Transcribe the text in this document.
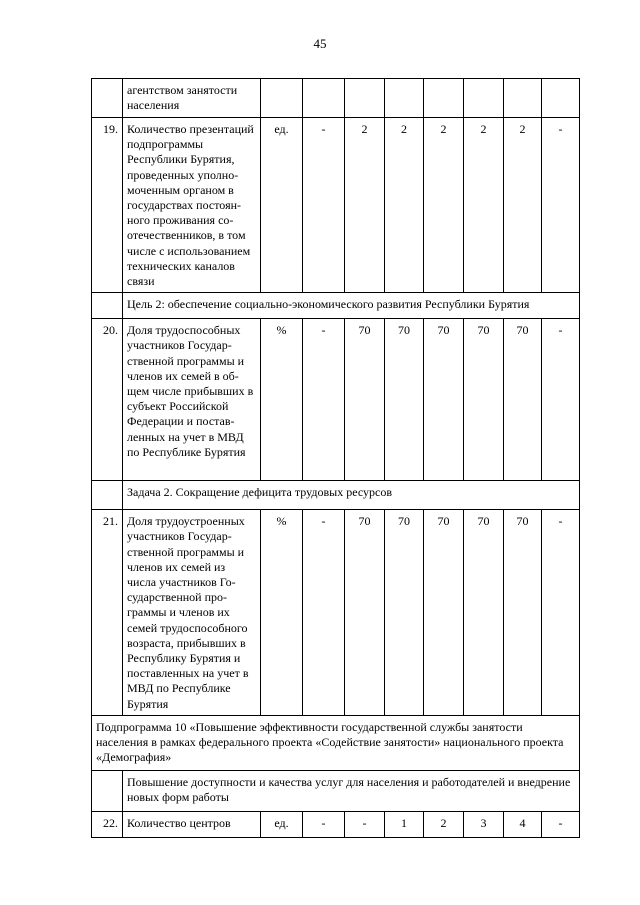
45
	агентством занятости населения								
19.	Количество презентаций подпрограммы Республики Бурятия, проведенных уполномоченным органом в государствах постоянного проживания соотечественников, в том числе с использованием технических каналов связи	ед.	-	2	2	2	2	2	-
	Цель 2: обеспечение социально-экономического развития Республики Бурятия								
20.	Доля трудоспособных участников Государственной программы и членов их семей в общем числе прибывших в субъект Российской Федерации и поставленных на учет в МВД по Республике Бурятия	%	-	70	70	70	70	70	-
	Задача 2. Сокращение дефицита трудовых ресурсов								
21.	Доля трудоустроенных участников Государственной программы и членов их семей из числа участников Государственной программы и членов их семей трудоспособного возраста, прибывших в Республику Бурятия и поставленных на учет в МВД по Республике Бурятия	%	-	70	70	70	70	70	-
Подпрограмма 10 «Повышение эффективности государственной службы занятости населения в рамках федерального проекта «Содействие занятости» национального проекта «Демография»									
	Повышение доступности и качества услуг для населения и работодателей и внедрение новых форм работы								
22.	Количество центров	ед.	-	-	1	2	3	4	-
